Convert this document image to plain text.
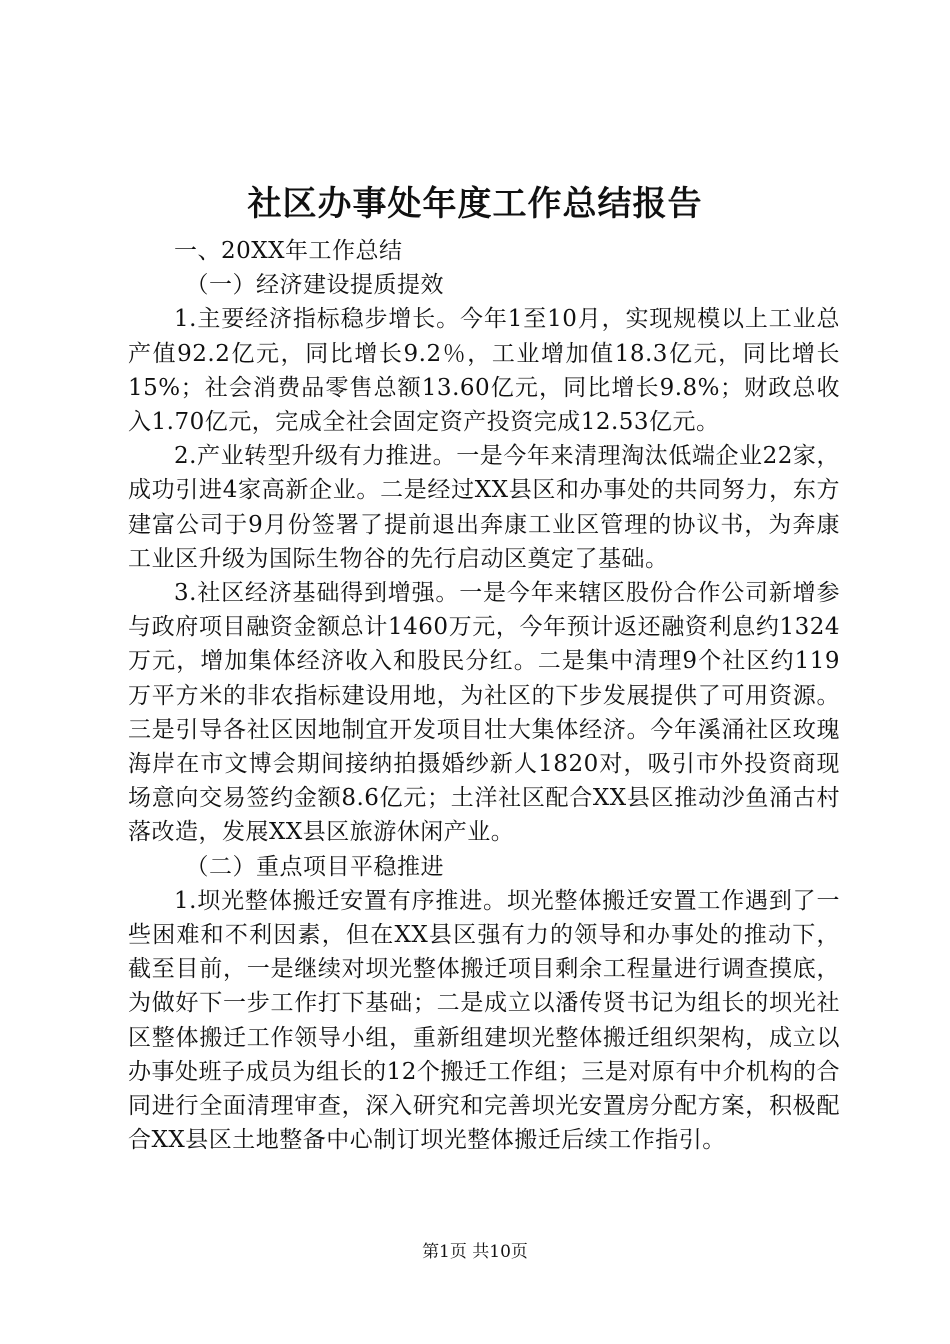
社区办事处年度工作总结报告

一、20XX年工作总结

（一）经济建设提质提效

1.主要经济指标稳步增长。今年1至10月，实现规模以上工业总产值92.2亿元，同比增长9.2％，工业增加值18.3亿元，同比增长15%；社会消费品零售总额13.60亿元，同比增长9.8%；财政总收入1.70亿元，完成全社会固定资产投资完成12.53亿元。

2.产业转型升级有力推进。一是今年来清理淘汰低端企业22家，成功引进4家高新企业。二是经过XX县区和办事处的共同努力，东方建富公司于9月份签署了提前退出奔康工业区管理的协议书，为奔康工业区升级为国际生物谷的先行启动区奠定了基础。

3.社区经济基础得到增强。一是今年来辖区股份合作公司新增参与政府项目融资金额总计1460万元，今年预计返还融资利息约1324万元，增加集体经济收入和股民分红。二是集中清理9个社区约119万平方米的非农指标建设用地，为社区的下步发展提供了可用资源。三是引导各社区因地制宜开发项目壮大集体经济。今年溪涌社区玫瑰海岸在市文博会期间接纳拍摄婚纱新人1820对，吸引市外投资商现场意向交易签约金额8.6亿元；土洋社区配合XX县区推动沙鱼涌古村落改造，发展XX县区旅游休闲产业。

（二）重点项目平稳推进

1.坝光整体搬迁安置有序推进。坝光整体搬迁安置工作遇到了一些困难和不利因素，但在XX县区强有力的领导和办事处的推动下，截至目前，一是继续对坝光整体搬迁项目剩余工程量进行调查摸底，为做好下一步工作打下基础；二是成立以潘传贤书记为组长的坝光社区整体搬迁工作领导小组，重新组建坝光整体搬迁组织架构，成立以办事处班子成员为组长的12个搬迁工作组；三是对原有中介机构的合同进行全面清理审查，深入研究和完善坝光安置房分配方案，积极配合XX县区土地整备中心制订坝光整体搬迁后续工作指引。

第1页 共10页
